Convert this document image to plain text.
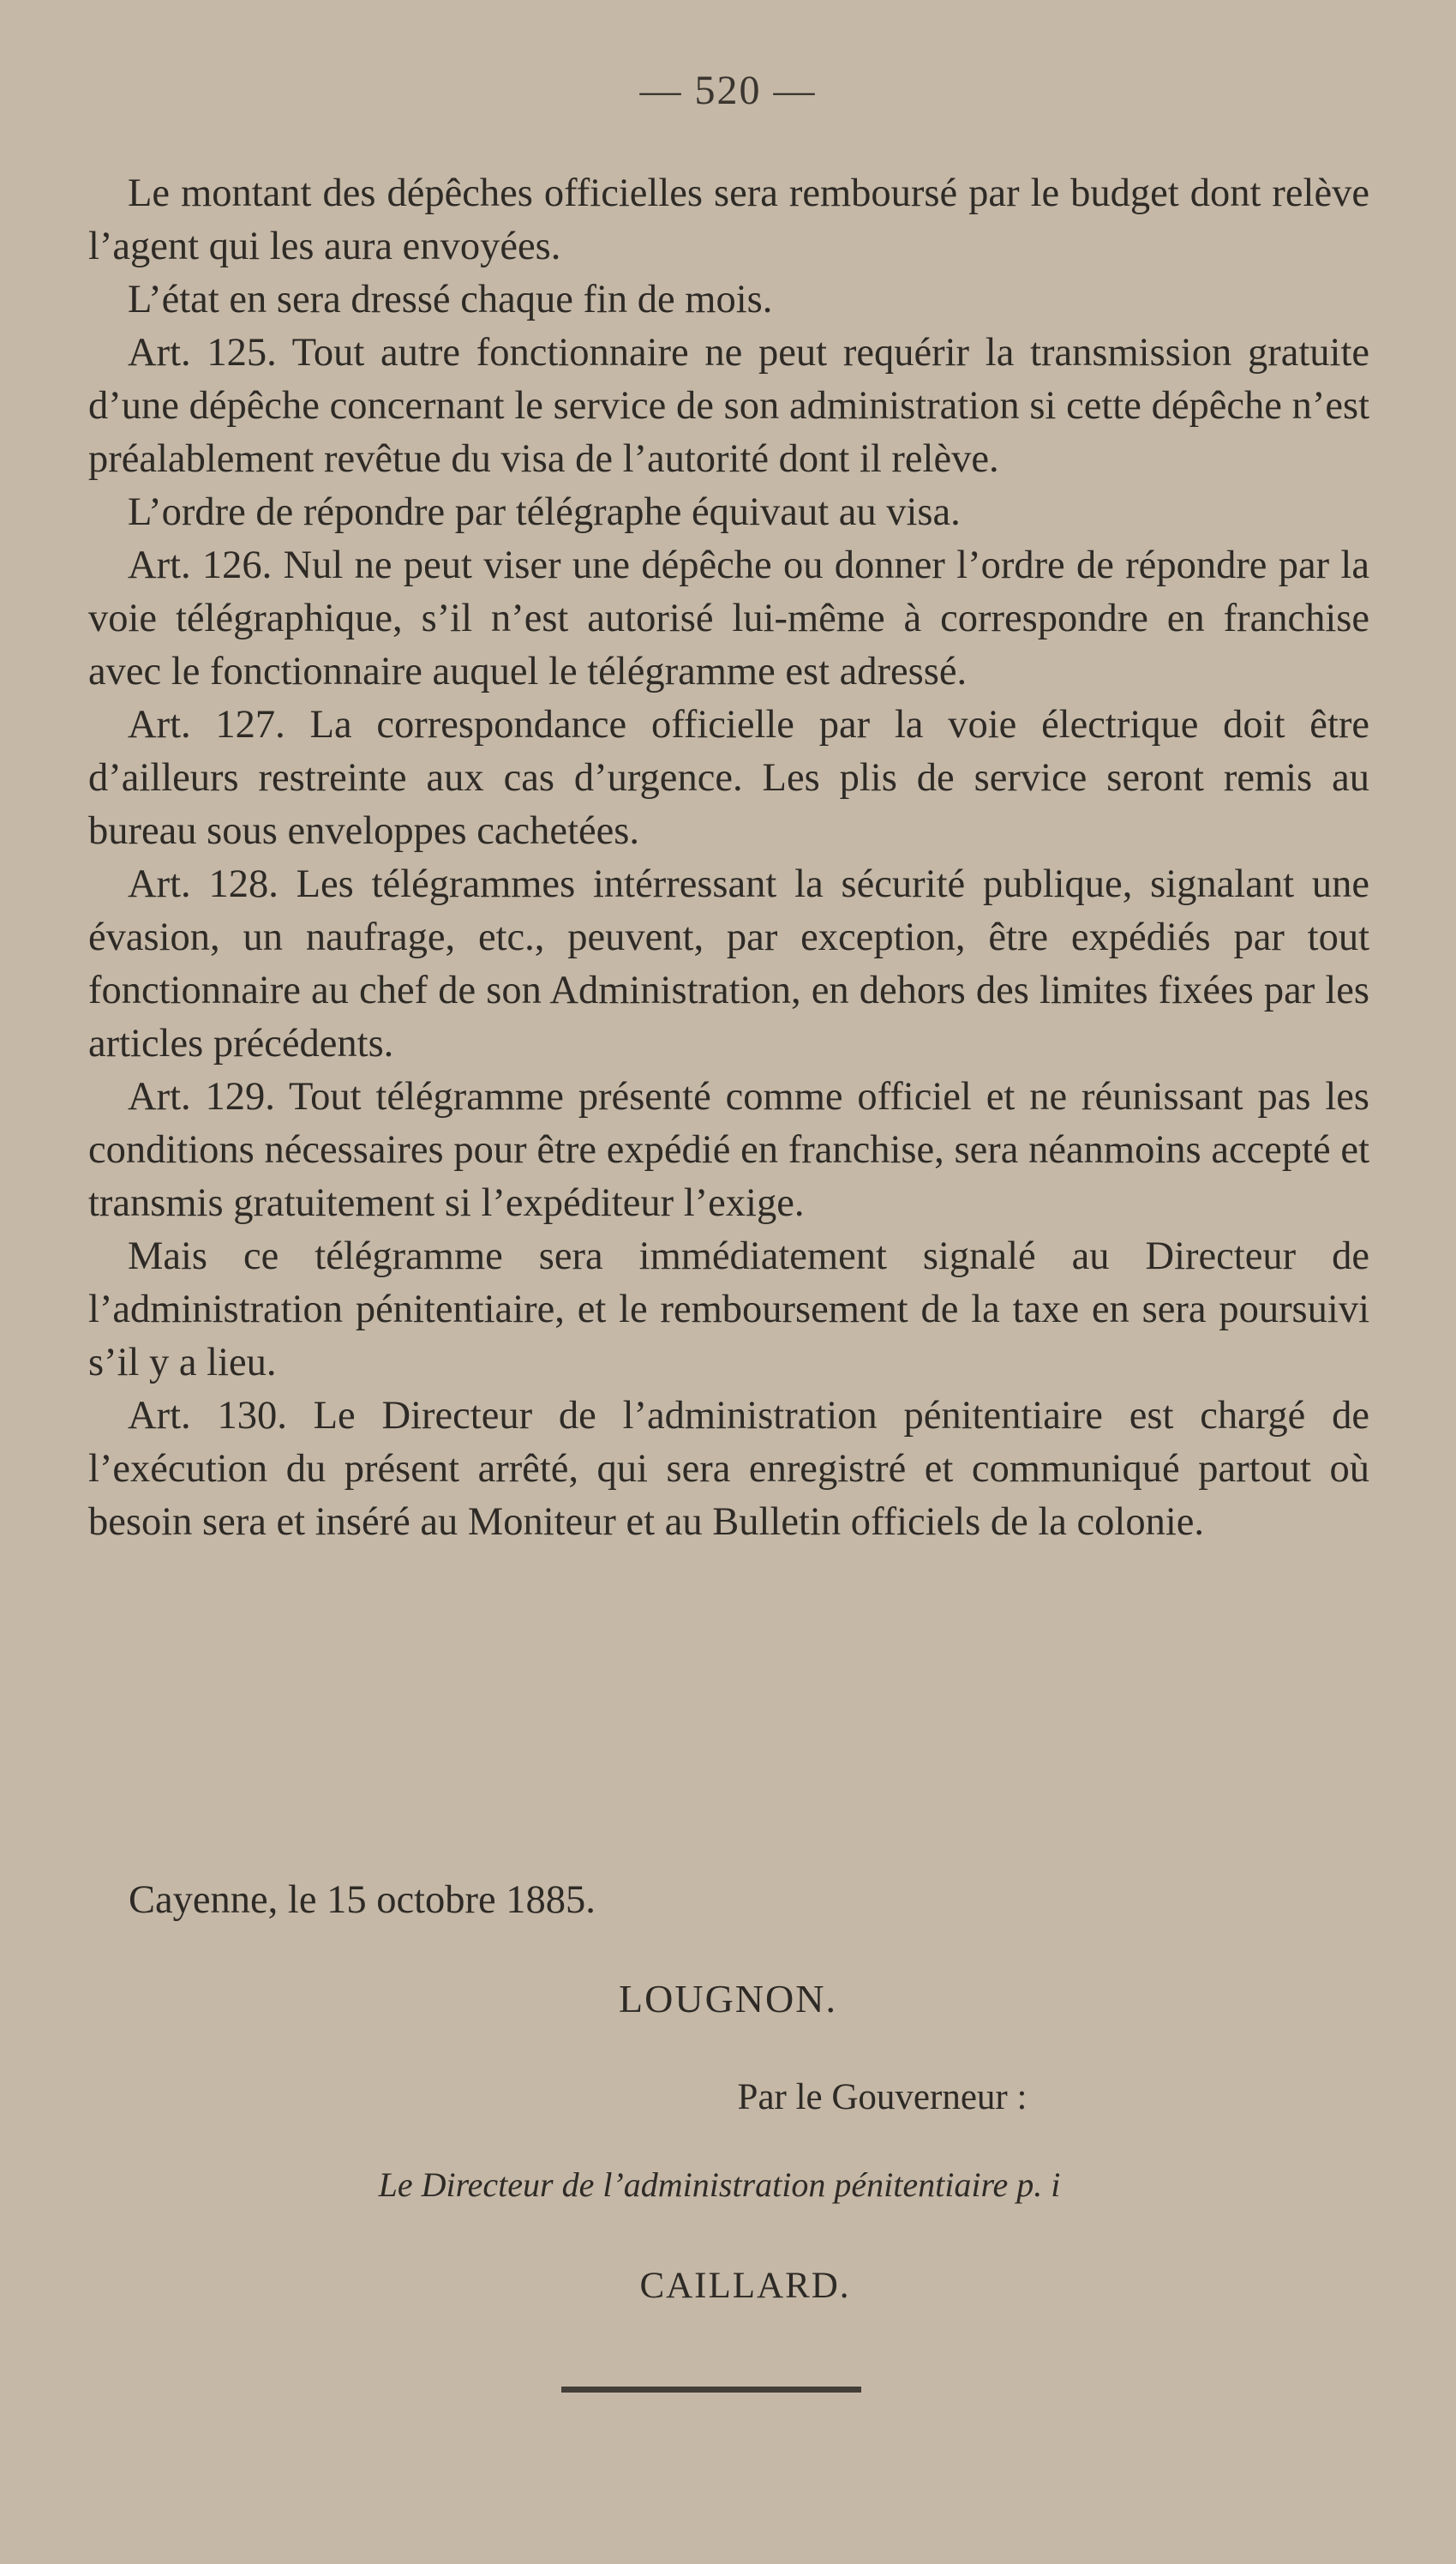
— 520 —

Le montant des dépêches officielles sera remboursé par le budget dont relève l’agent qui les aura envoyées.

L’état en sera dressé chaque fin de mois.

Art. 125. Tout autre fonctionnaire ne peut requérir la transmission gratuite d’une dépêche concernant le service de son administration si cette dépêche n’est préalablement revêtue du visa de l’autorité dont il relève.

L’ordre de répondre par télégraphe équivaut au visa.

Art. 126. Nul ne peut viser une dépêche ou donner l’ordre de répondre par la voie télégraphique, s’il n’est autorisé lui-même à correspondre en franchise avec le fonctionnaire auquel le télégramme est adressé.

Art. 127. La correspondance officielle par la voie électrique doit être d’ailleurs restreinte aux cas d’urgence. Les plis de service seront remis au bureau sous enveloppes cachetées.

Art. 128. Les télégrammes intérressant la sécurité publique, signalant une évasion, un naufrage, etc., peuvent, par exception, être expédiés par tout fonctionnaire au chef de son Administration, en dehors des limites fixées par les articles précédents.

Art. 129. Tout télégramme présenté comme officiel et ne réunissant pas les conditions nécessaires pour être expédié en franchise, sera néanmoins accepté et transmis gratuitement si l’expéditeur l’exige.

Mais ce télégramme sera immédiatement signalé au Directeur de l’administration pénitentiaire, et le remboursement de la taxe en sera poursuivi s’il y a lieu.

Art. 130. Le Directeur de l’administration pénitentiaire est chargé de l’exécution du présent arrêté, qui sera enregistré et communiqué partout où besoin sera et inséré au Moniteur et au Bulletin officiels de la colonie.

Cayenne, le 15 octobre 1885.
LOUGNON.
Par le Gouverneur :
Le Directeur de l’administration pénitentiaire p. i
CAILLARD.
